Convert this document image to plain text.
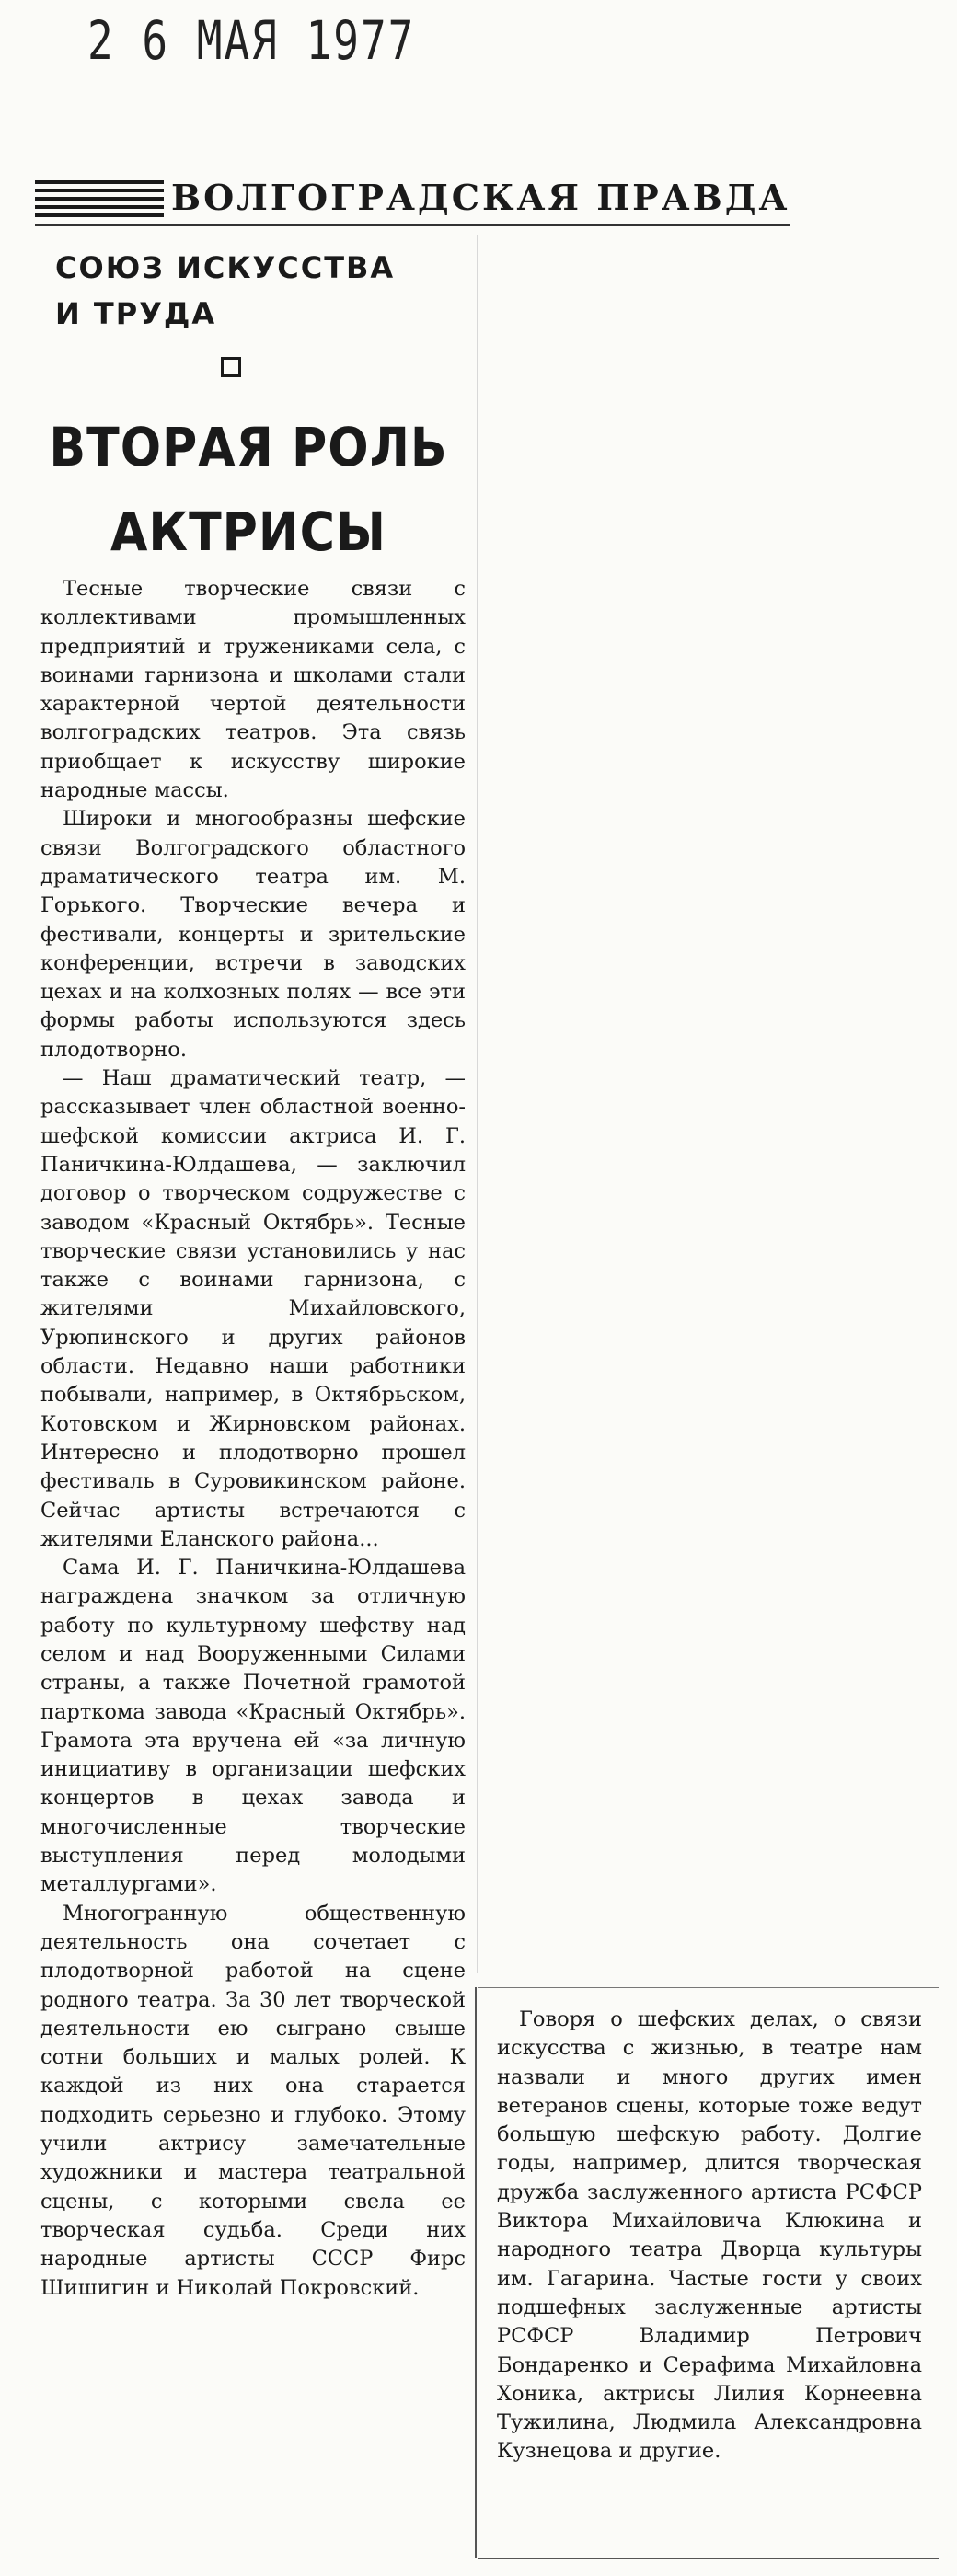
2 6 МАЯ 1977
ВОЛГОГРАДСКАЯ ПРАВДА
СОЮЗ ИСКУССТВА
И ТРУДА
ВТОРАЯ РОЛЬ
АКТРИСЫ

Тесные творческие связи с коллективами промышленных предприятий и тружениками села, с воинами гарнизона и школами стали характерной чертой деятельности волгоградских театров. Эта связь приобщает к искусству широкие народные массы.

Широки и многообразны шефские связи Волгоградского областного драматического театра им. М. Горького. Творческие вечера и фестивали, концерты и зрительские конференции, встречи в заводских цехах и на колхозных полях — все эти формы работы используются здесь плодотворно.

— Наш драматический театр, — рассказывает член областной военно-шефской комиссии актриса И. Г. Паничкина-Юлдашева, — заключил договор о творческом содружестве с заводом «Красный Октябрь». Тесные творческие связи установились у нас также с воинами гарнизона, с жителями Михайловского, Урюпинского и других районов области. Недавно наши работники побывали, например, в Октябрьском, Котовском и Жирновском районах. Интересно и плодотворно прошел фестиваль в Суровикинском районе. Сейчас артисты встречаются с жителями Еланского района...

Сама И. Г. Паничкина-Юлдашева награждена значком за отличную работу по культурному шефству над селом и над Вооруженными Силами страны, а также Почетной грамотой парткома завода «Красный Октябрь». Грамота эта вручена ей «за личную инициативу в организации шефских концертов в цехах завода и многочисленные творческие выступления перед молодыми металлургами».

Многогранную общественную деятельность она сочетает с плодотворной работой на сцене родного театра. За 30 лет творческой деятельности ею сыграно свыше сотни больших и малых ролей. К каждой из них она старается подходить серьезно и глубоко. Этому учили актрису замечательные художники и мастера театральной сцены, с которыми свела ее творческая судьба. Среди них народные артисты СССР Фирс Шишигин и Николай Покровский.

Говоря о шефских делах, о связи искусства с жизнью, в театре нам назвали и много других имен ветеранов сцены, которые тоже ведут большую шефскую работу. Долгие годы, например, длится творческая дружба заслуженного артиста РСФСР Виктора Михайловича Клюкина и народного театра Дворца культуры им. Гагарина. Частые гости у своих подшефных заслуженные артисты РСФСР Владимир Петрович Бондаренко и Серафима Михайловна Хоника, актрисы Лилия Корнеевна Тужилина, Людмила Александровна Кузнецова и другие.
